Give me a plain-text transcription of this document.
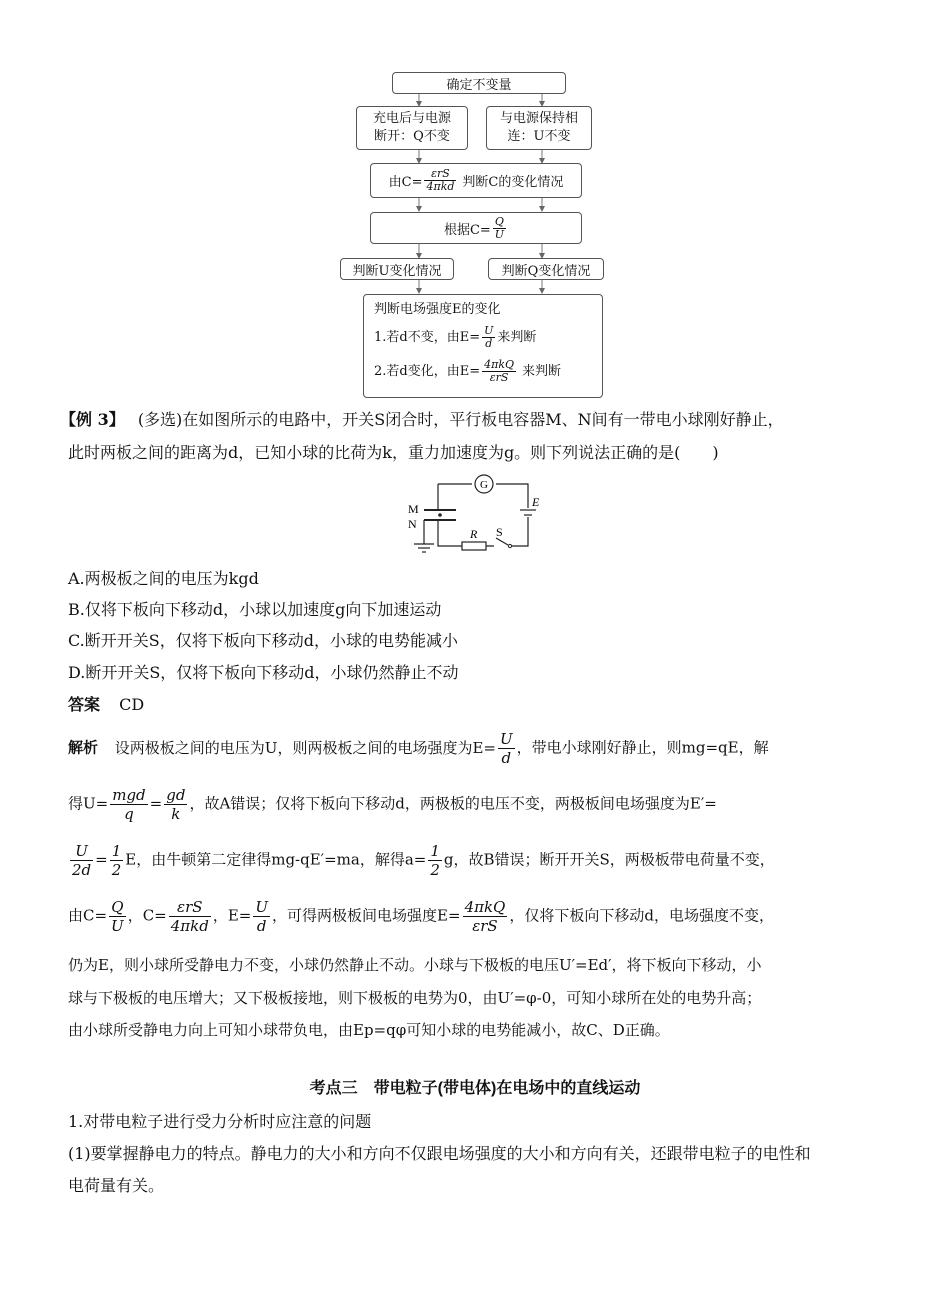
确定不变量
充电后与电源
断开：Q不变
与电源保持相
连：U不变
由$C= \frac{\text{εrS}}{\text{4πkd}}$ 判断C的变化情况
根据$C= \frac{Q}{U}$
判断U变化情况	判断Q变化情况
判断电场强度E的变化
1.若d不变，由$E= \frac{U}{d}$ 来判断
2.若d变化，由$E= \frac{\text{4πkQ}}{\text{εrS}}$ 来判断
【例 3】 (多选)在如图所示的电路中，开关S闭合时，平行板电容器M、N间有一带电小球刚好静止，
此时两板之间的距离为d，已知小球的比荷为k，重力加速度为g。则下列说法正确的是(　　)
G
M
N
E
R S
A.两极板之间的电压为kgd
B.仅将下板向下移动d，小球以加速度g向下加速运动
C.断开开关S，仅将下板向下移动d，小球的电势能减小
D.断开开关S，仅将下板向下移动d，小球仍然静止不动
答案 CD
解析 设两极板之间的电压为U，则两极板之间的电场强度为$E= \frac{U}{d}$ ，带电小球刚好静止，则mg=qE，解
得$U= \frac{\text{mgd}}{q} = \frac{gd}{k}$ ，故A错误；仅将下板向下移动d，两极板的电压不变，两极板间电场强度为E′=
$\frac{U}{2d} = \frac{1}{2}$ E，由牛顿第二定律得mg-qE′=ma，解得$a= \frac{1}{2}$ g，故B错误；断开开关S，两极板带电荷量不变，
由$C= \frac{Q}{U}$ ，$C= \frac{\text{εrS}}{\text{4πkd}}$ ，$E= \frac{U}{d}$ ，可得两极板间电场强度$E= \frac{\text{4πkQ}}{\text{εrS}}$ ，仅将下板向下移动d，电场强度不变，
仍为E，则小球所受静电力不变，小球仍然静止不动。小球与下极板的电压U′=Ed′，将下板向下移动，小
球与下极板的电压增大；又下极板接地，则下极板的电势为0，由U′=φ-0，可知小球所在处的电势升高；
由小球所受静电力向上可知小球带负电，由Ep=qφ可知小球的电势能减小，故C、D正确。
考点三　带电粒子(带电体)在电场中的直线运动
1.对带电粒子进行受力分析时应注意的问题
(1)要掌握静电力的特点。静电力的大小和方向不仅跟电场强度的大小和方向有关，还跟带电粒子的电性和
电荷量有关。
